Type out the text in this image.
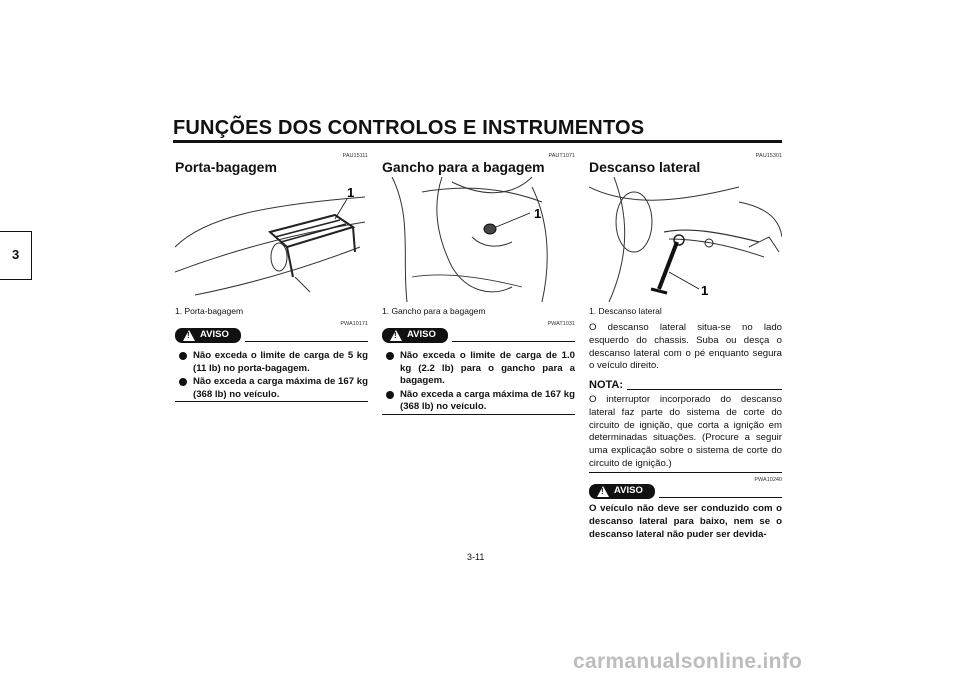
FUNÇÕES DOS CONTROLOS E INSTRUMENTOS
3
PAU15111
Porta-bagagem
1
1. Porta-bagagem
PWA10171
! AVISO
Não exceda o limite de carga de 5 kg (11 lb) no porta-bagagem.
Não exceda a carga máxima de 167 kg (368 lb) no veículo.
PAUT1071
Gancho para a bagagem
1
1. Gancho para a bagagem
PWAT1031
! AVISO
Não exceda o limite de carga de 1.0 kg (2.2 lb) para o gancho para a bagagem.
Não exceda a carga máxima de 167 kg (368 lb) no veículo.
PAU15301
Descanso lateral
1
1. Descanso lateral
O descanso lateral situa-se no lado esquerdo do chassis. Suba ou desça o descanso lateral com o pé enquanto segura o veículo direito.
NOTA:
O interruptor incorporado do descanso lateral faz parte do sistema de corte do circuito de ignição, que corta a ignição em determinadas situações. (Procure a seguir uma explicação sobre o sistema de corte do circuito de ignição.)
PWA10240
! AVISO
O veículo não deve ser conduzido com o descanso lateral para baixo, nem se o descanso lateral não puder ser devida-
3-11
carmanualsonline.info
